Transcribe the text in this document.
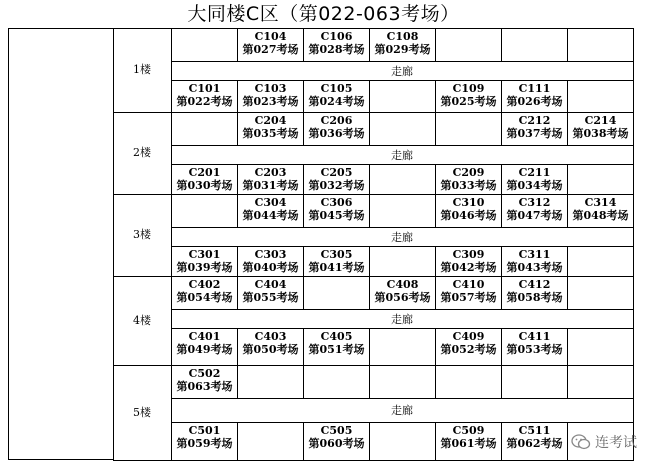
大同楼C区（第022-063考场）
1楼
C104
第027考场
C106
第028考场
C108
第029考场
走廊
C101
第022考场
C103
第023考场
C105
第024考场
C109
第025考场
C111
第026考场
2楼
C204
第035考场
C206
第036考场
C212
第037考场
C214
第038考场
走廊
C201
第030考场
C203
第031考场
C205
第032考场
C209
第033考场
C211
第034考场
3楼
C304
第044考场
C306
第045考场
C310
第046考场
C312
第047考场
C314
第048考场
走廊
C301
第039考场
C303
第040考场
C305
第041考场
C309
第042考场
C311
第043考场
4楼
C402
第054考场
C404
第055考场
C408
第056考场
C410
第057考场
C412
第058考场
走廊
C401
第049考场
C403
第050考场
C405
第051考场
C409
第052考场
C411
第053考场
5楼
C502
第063考场
走廊
C501
第059考场
C505
第060考场
C509
第061考场
C511
第062考场	连考试
